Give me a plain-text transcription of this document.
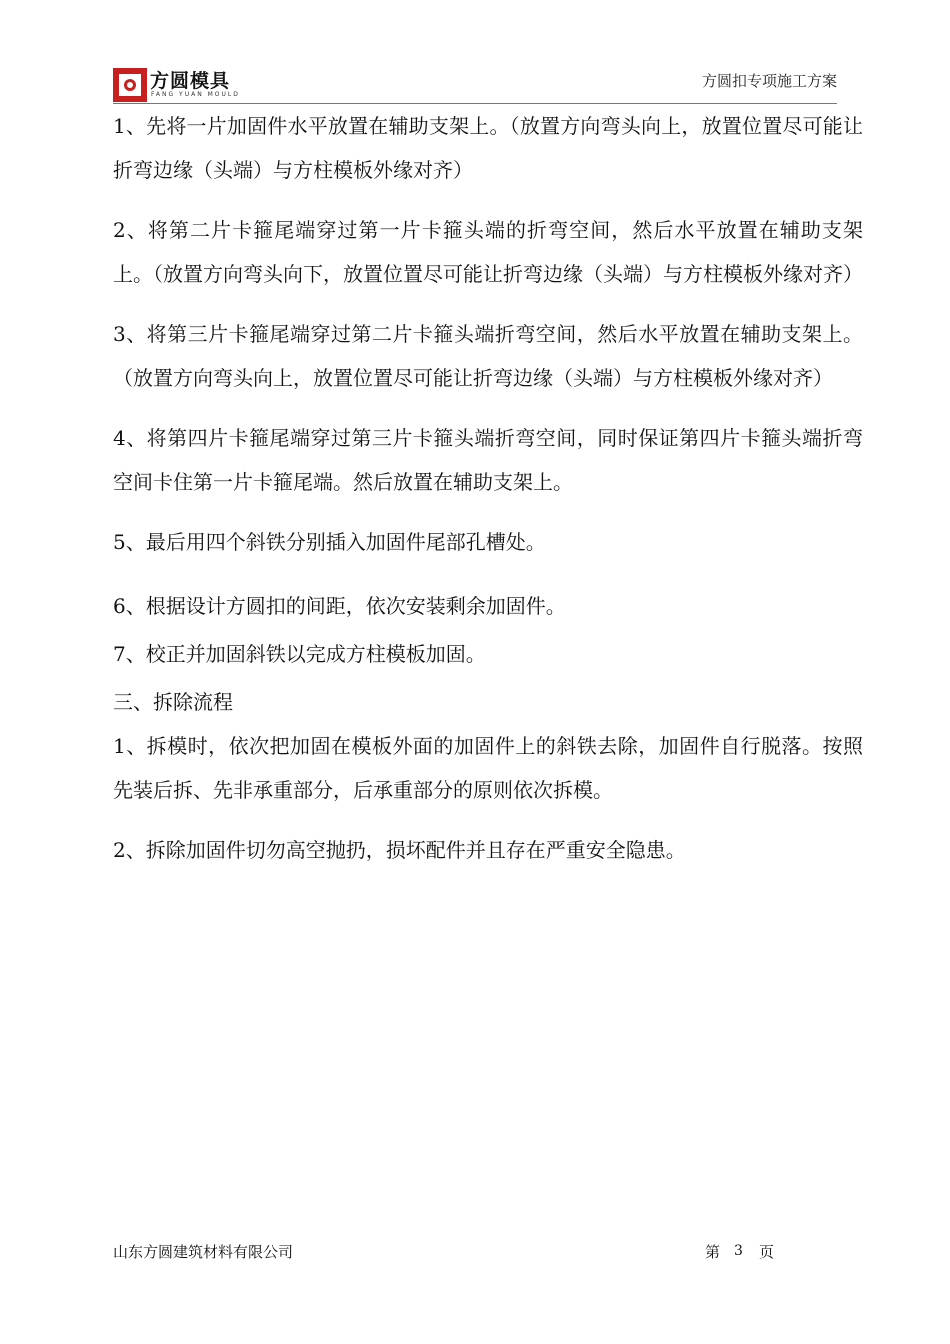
方圆模具
FANG YUAN MOULD
方圆扣专项施工方案

1、先将一片加固件水平放置在辅助支架上。（放置方向弯头向上，放置位置尽可能让折弯边缘（头端）与方柱模板外缘对齐）

2、将第二片卡箍尾端穿过第一片卡箍头端的折弯空间，然后水平放置在辅助支架上。（放置方向弯头向下，放置位置尽可能让折弯边缘（头端）与方柱模板外缘对齐）

3、将第三片卡箍尾端穿过第二片卡箍头端折弯空间，然后水平放置在辅助支架上。（放置方向弯头向上，放置位置尽可能让折弯边缘（头端）与方柱模板外缘对齐）

4、将第四片卡箍尾端穿过第三片卡箍头端折弯空间，同时保证第四片卡箍头端折弯空间卡住第一片卡箍尾端。然后放置在辅助支架上。

5、最后用四个斜铁分别插入加固件尾部孔槽处。

6、根据设计方圆扣的间距，依次安装剩余加固件。

7、校正并加固斜铁以完成方柱模板加固。

三、拆除流程

1、拆模时，依次把加固在模板外面的加固件上的斜铁去除，加固件自行脱落。按照先装后拆、先非承重部分，后承重部分的原则依次拆模。

2、拆除加固件切勿高空抛扔，损坏配件并且存在严重安全隐患。

山东方圆建筑材料有限公司	第 3 页
